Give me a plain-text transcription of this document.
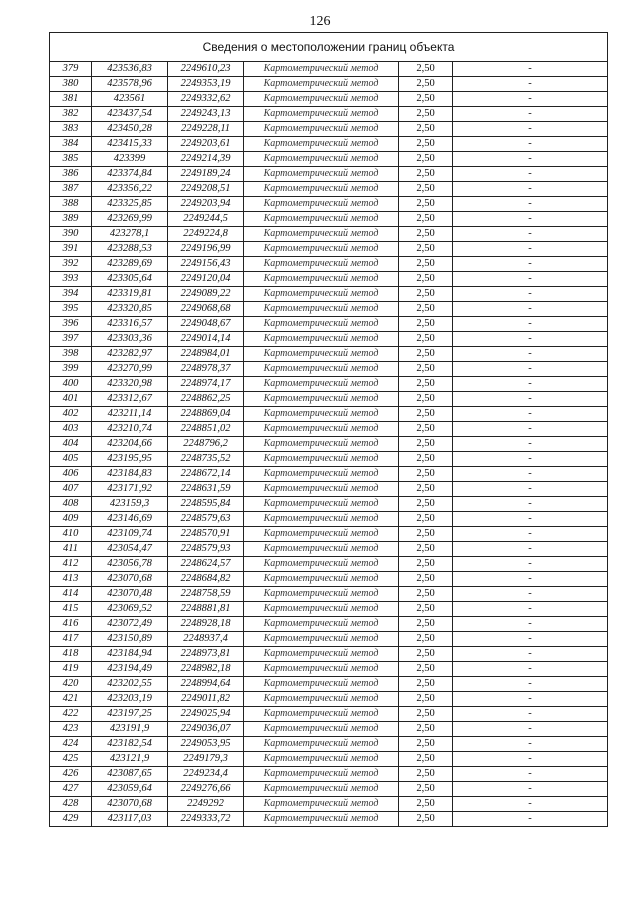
126
Сведения о местоположении границ объекта					
379	423536,83	2249610,23	Картометрический метод	2,50	-
380	423578,96	2249353,19	Картометрический метод	2,50	-
381	423561	2249332,62	Картометрический метод	2,50	-
382	423437,54	2249243,13	Картометрический метод	2,50	-
383	423450,28	2249228,11	Картометрический метод	2,50	-
384	423415,33	2249203,61	Картометрический метод	2,50	-
385	423399	2249214,39	Картометрический метод	2,50	-
386	423374,84	2249189,24	Картометрический метод	2,50	-
387	423356,22	2249208,51	Картометрический метод	2,50	-
388	423325,85	2249203,94	Картометрический метод	2,50	-
389	423269,99	2249244,5	Картометрический метод	2,50	-
390	423278,1	2249224,8	Картометрический метод	2,50	-
391	423288,53	2249196,99	Картометрический метод	2,50	-
392	423289,69	2249156,43	Картометрический метод	2,50	-
393	423305,64	2249120,04	Картометрический метод	2,50	-
394	423319,81	2249089,22	Картометрический метод	2,50	-
395	423320,85	2249068,68	Картометрический метод	2,50	-
396	423316,57	2249048,67	Картометрический метод	2,50	-
397	423303,36	2249014,14	Картометрический метод	2,50	-
398	423282,97	2248984,01	Картометрический метод	2,50	-
399	423270,99	2248978,37	Картометрический метод	2,50	-
400	423320,98	2248974,17	Картометрический метод	2,50	-
401	423312,67	2248862,25	Картометрический метод	2,50	-
402	423211,14	2248869,04	Картометрический метод	2,50	-
403	423210,74	2248851,02	Картометрический метод	2,50	-
404	423204,66	2248796,2	Картометрический метод	2,50	-
405	423195,95	2248735,52	Картометрический метод	2,50	-
406	423184,83	2248672,14	Картометрический метод	2,50	-
407	423171,92	2248631,59	Картометрический метод	2,50	-
408	423159,3	2248595,84	Картометрический метод	2,50	-
409	423146,69	2248579,63	Картометрический метод	2,50	-
410	423109,74	2248570,91	Картометрический метод	2,50	-
411	423054,47	2248579,93	Картометрический метод	2,50	-
412	423056,78	2248624,57	Картометрический метод	2,50	-
413	423070,68	2248684,82	Картометрический метод	2,50	-
414	423070,48	2248758,59	Картометрический метод	2,50	-
415	423069,52	2248881,81	Картометрический метод	2,50	-
416	423072,49	2248928,18	Картометрический метод	2,50	-
417	423150,89	2248937,4	Картометрический метод	2,50	-
418	423184,94	2248973,81	Картометрический метод	2,50	-
419	423194,49	2248982,18	Картометрический метод	2,50	-
420	423202,55	2248994,64	Картометрический метод	2,50	-
421	423203,19	2249011,82	Картометрический метод	2,50	-
422	423197,25	2249025,94	Картометрический метод	2,50	-
423	423191,9	2249036,07	Картометрический метод	2,50	-
424	423182,54	2249053,95	Картометрический метод	2,50	-
425	423121,9	2249179,3	Картометрический метод	2,50	-
426	423087,65	2249234,4	Картометрический метод	2,50	-
427	423059,64	2249276,66	Картометрический метод	2,50	-
428	423070,68	2249292	Картометрический метод	2,50	-
429	423117,03	2249333,72	Картометрический метод	2,50	-
